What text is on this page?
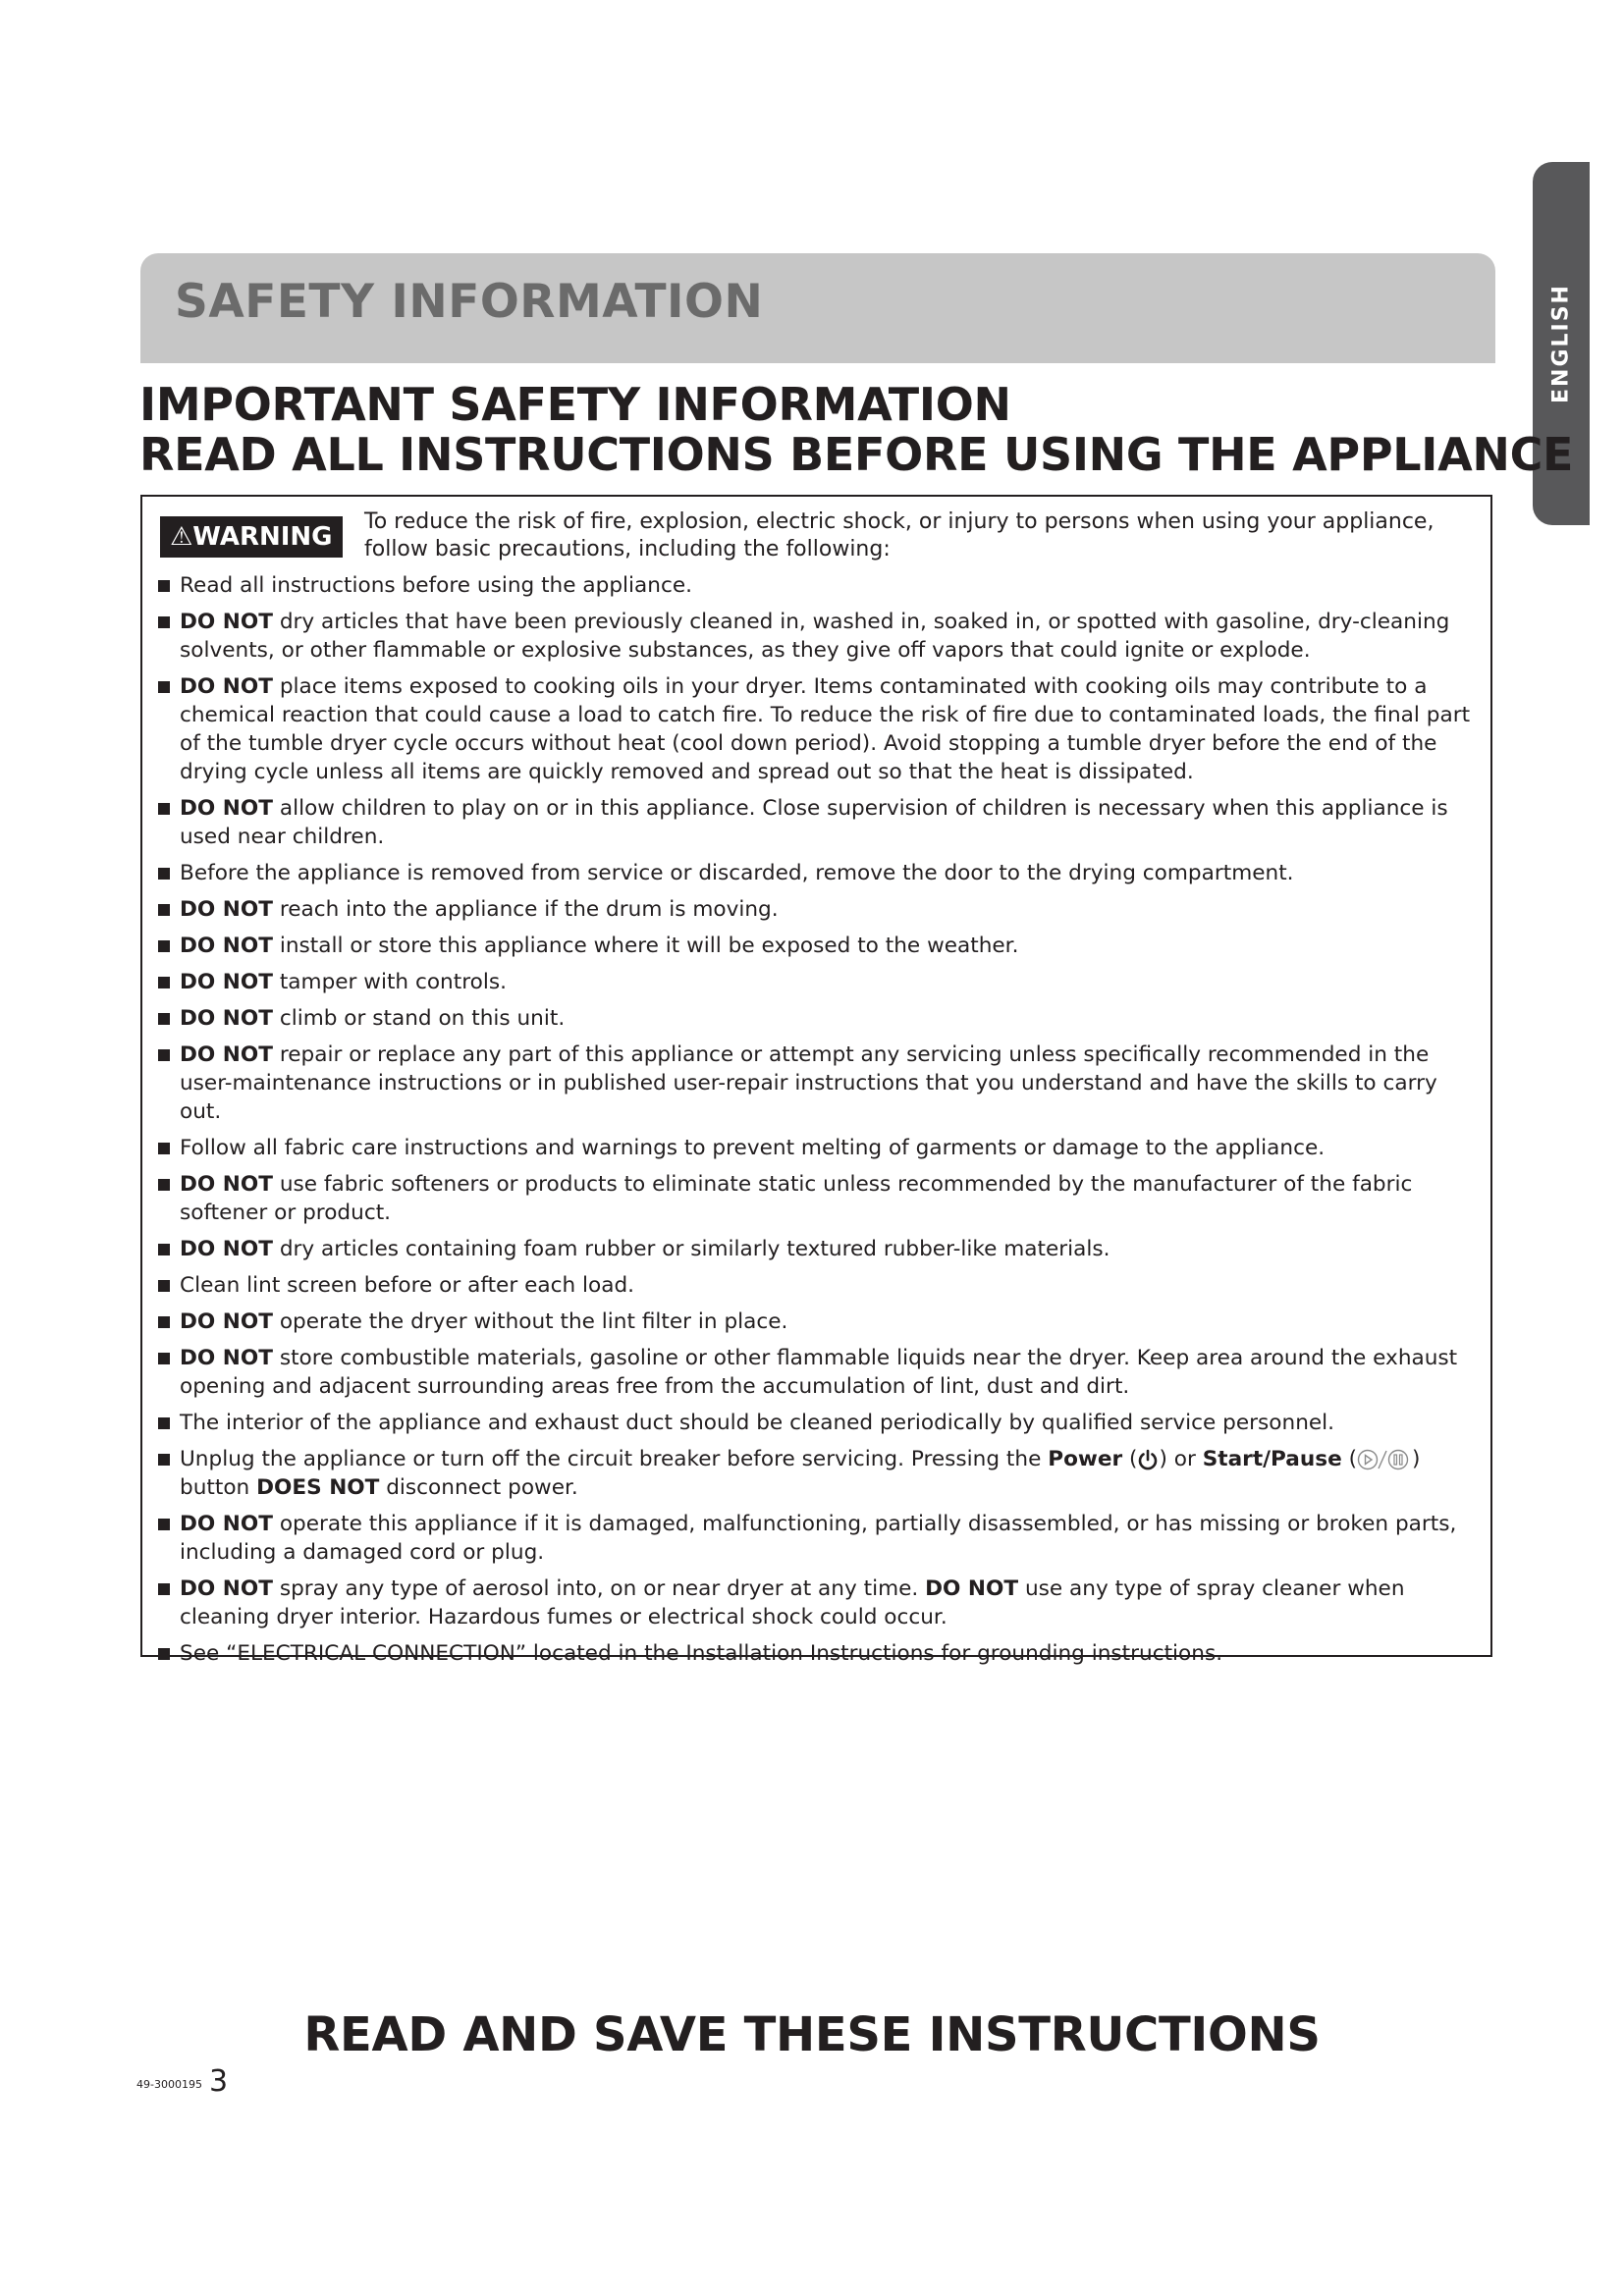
SAFETY INFORMATION	ENGLISH
IMPORTANT SAFETY INFORMATION
READ ALL INSTRUCTIONS BEFORE USING THE APPLIANCE
⚠WARNING
To reduce the risk of fire, explosion, electric shock, or injury to persons when using your appliance, follow basic precautions, including the following:
Read all instructions before using the appliance.
DO NOT dry articles that have been previously cleaned in, washed in, soaked in, or spotted with gasoline, dry-cleaning solvents, or other flammable or explosive substances, as they give off vapors that could ignite or explode.
DO NOT place items exposed to cooking oils in your dryer. Items contaminated with cooking oils may contribute to a chemical reaction that could cause a load to catch fire. To reduce the risk of fire due to contaminated loads, the final part of the tumble dryer cycle occurs without heat (cool down period). Avoid stopping a tumble dryer before the end of the drying cycle unless all items are quickly removed and spread out so that the heat is dissipated.
DO NOT allow children to play on or in this appliance. Close supervision of children is necessary when this appliance is used near children.
Before the appliance is removed from service or discarded, remove the door to the drying compartment.
DO NOT reach into the appliance if the drum is moving.
DO NOT install or store this appliance where it will be exposed to the weather.
DO NOT tamper with controls.
DO NOT climb or stand on this unit.
DO NOT repair or replace any part of this appliance or attempt any servicing unless specifically recommended in the user-maintenance instructions or in published user-repair instructions that you understand and have the skills to carry out.
Follow all fabric care instructions and warnings to prevent melting of garments or damage to the appliance.
DO NOT use fabric softeners or products to eliminate static unless recommended by the manufacturer of the fabric softener or product.
DO NOT dry articles containing foam rubber or similarly textured rubber-like materials.
Clean lint screen before or after each load.
DO NOT operate the dryer without the lint filter in place.
DO NOT store combustible materials, gasoline or other flammable liquids near the dryer. Keep area around the exhaust opening and adjacent surrounding areas free from the accumulation of lint, dust and dirt.
The interior of the appliance and exhaust duct should be cleaned periodically by qualified service personnel.
Unplug the appliance or turn off the circuit breaker before servicing. Pressing the Power ( ) or Start/Pause (	) button DOES NOT disconnect power.
DO NOT operate this appliance if it is damaged, malfunctioning, partially disassembled, or has missing or broken parts, including a damaged cord or plug.
DO NOT spray any type of aerosol into, on or near dryer at any time. DO NOT use any type of spray cleaner when cleaning dryer interior. Hazardous fumes or electrical shock could occur.
See “ELECTRICAL CONNECTION” located in the Installation Instructions for grounding instructions.
READ AND SAVE THESE INSTRUCTIONS
49-3000195 3
